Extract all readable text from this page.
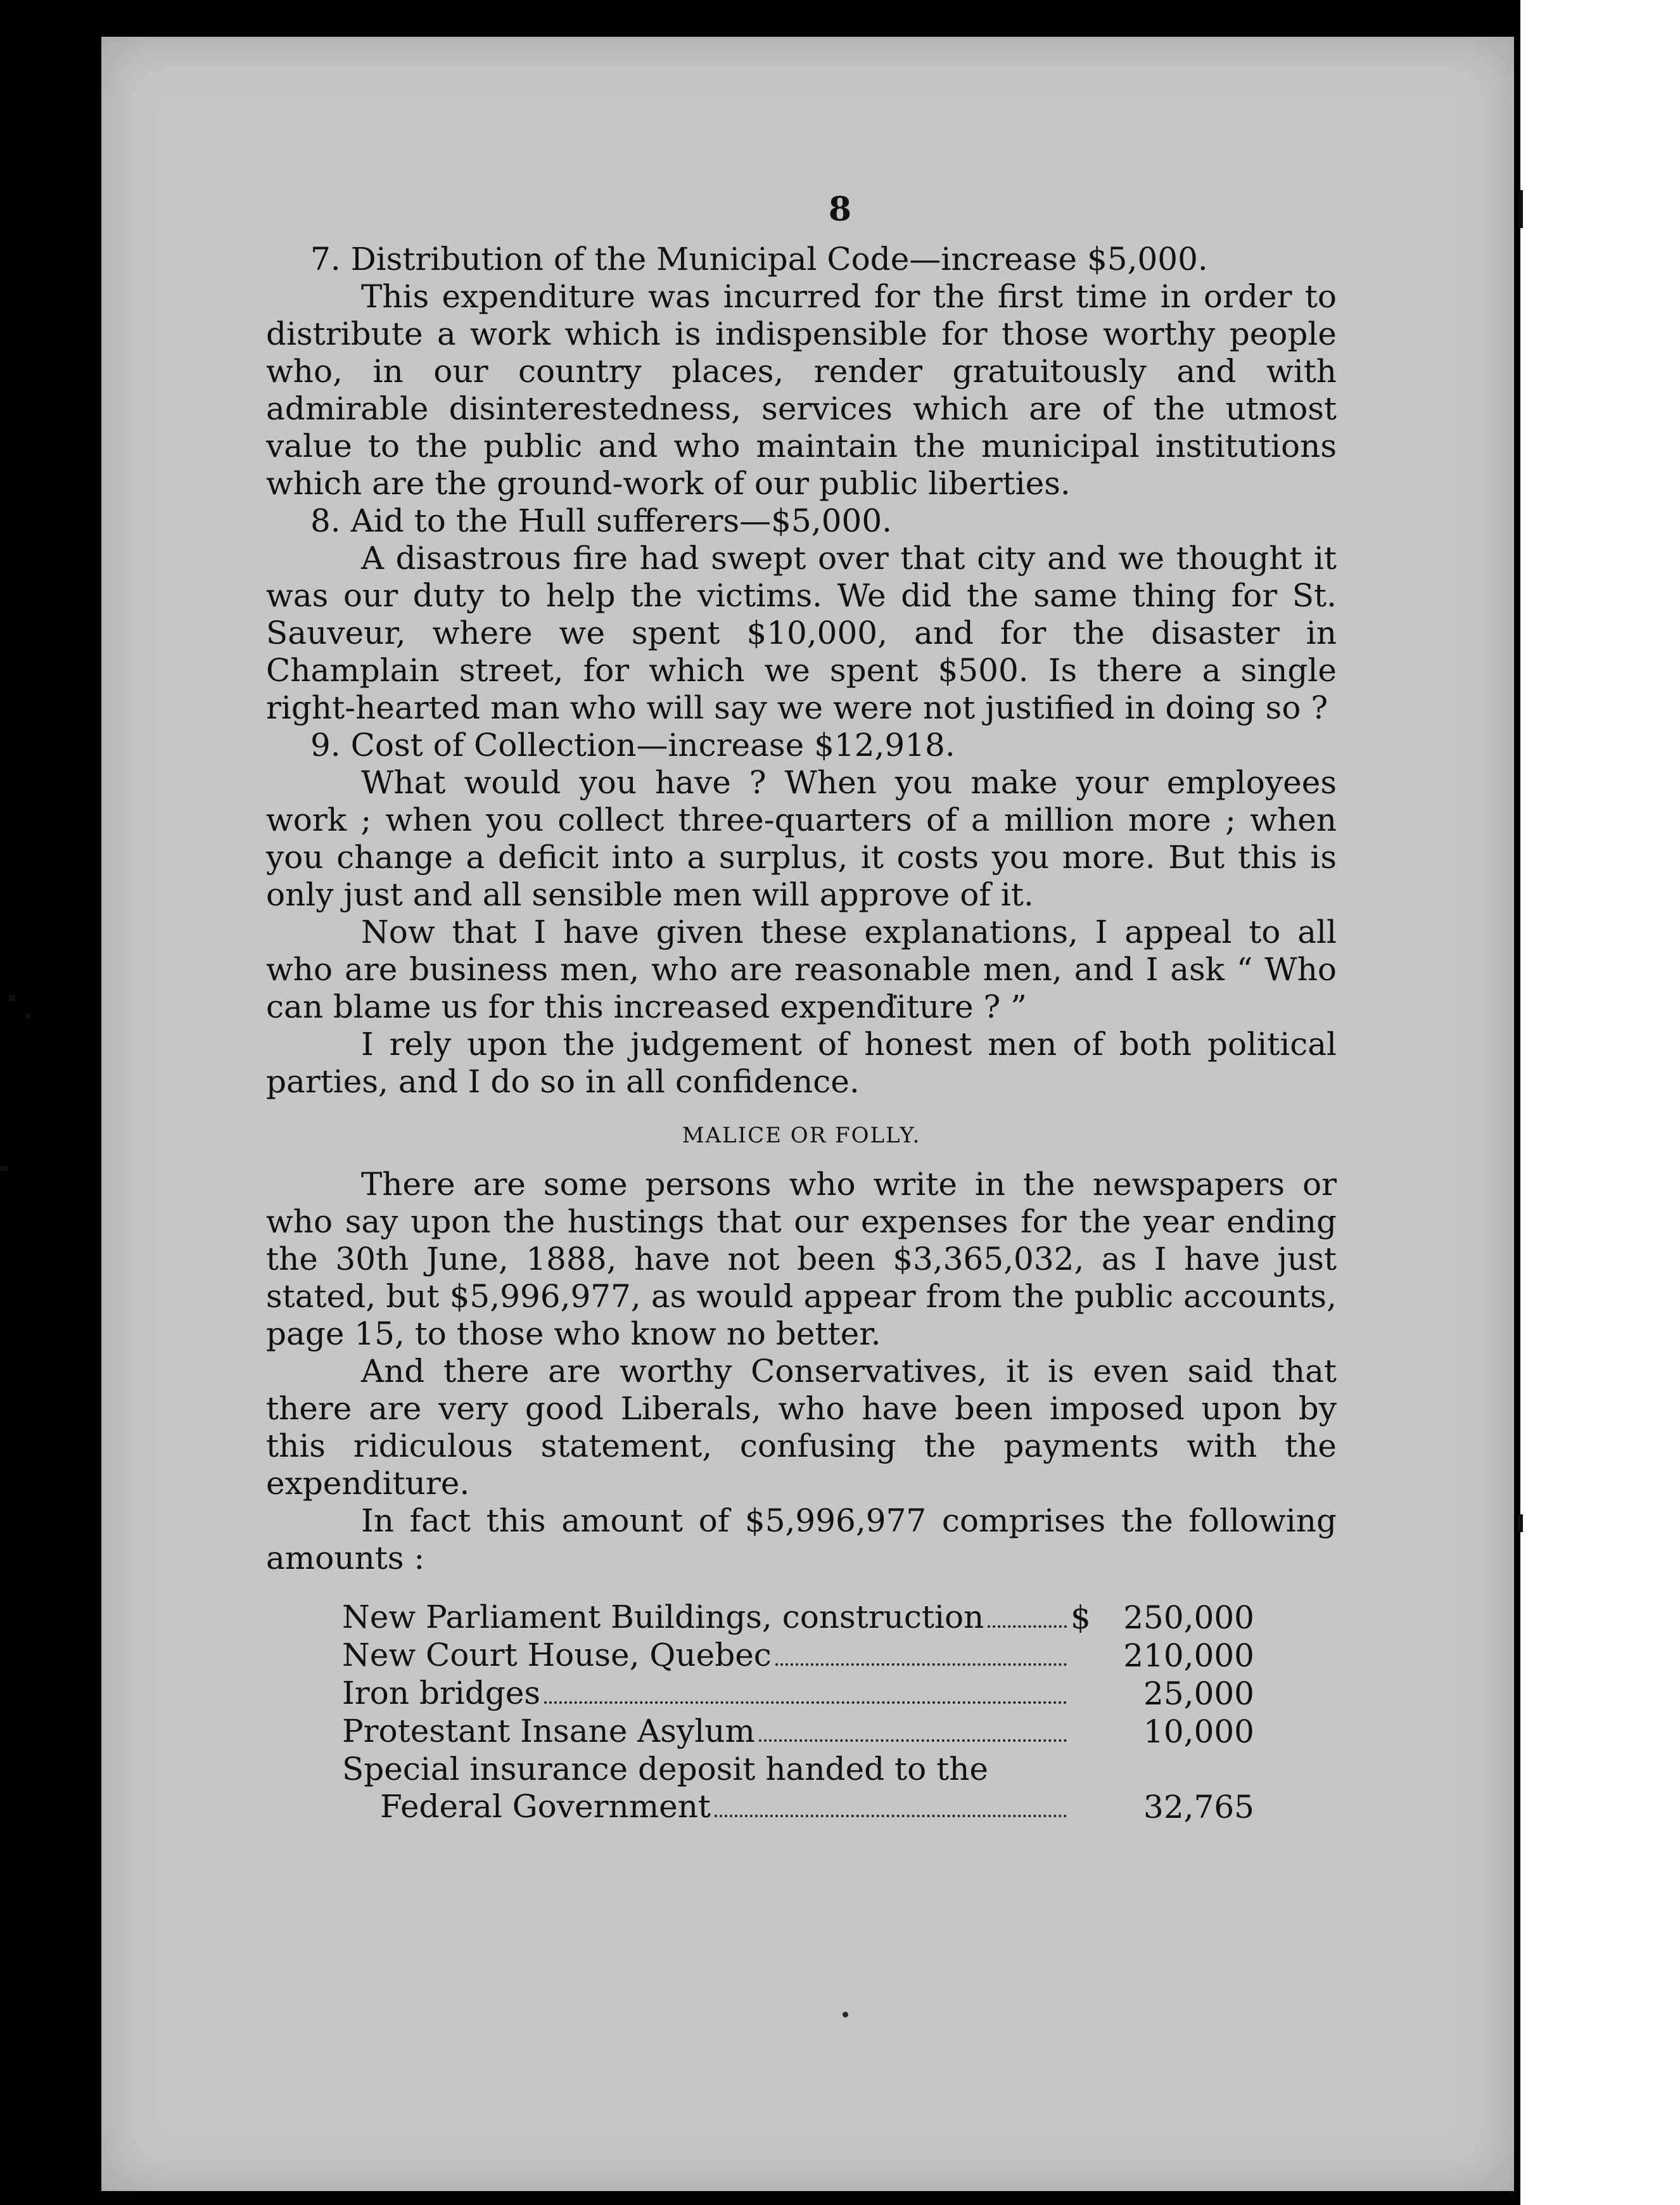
8

7. Distribution of the Municipal Code—increase $5,000.

This expenditure was incurred for the first time in order to distribute a work which is indispensible for those worthy people who, in our country places, render gratuitously and with admirable disinterestedness, services which are of the utmost value to the public and who maintain the municipal institutions which are the ground-work of our public liberties.

8. Aid to the Hull sufferers—$5,000.

A disastrous fire had swept over that city and we thought it was our duty to help the victims. We did the same thing for St. Sauveur, where we spent $10,000, and for the disaster in Champlain street, for which we spent $500. Is there a single right-hearted man who will say we were not justified in doing so ?

9. Cost of Collection—increase $12,918.

What would you have ? When you make your employees work ; when you collect three-quarters of a million more ; when you change a deficit into a surplus, it costs you more. But this is only just and all sensible men will approve of it.

Now that I have given these explanations, I appeal to all who are business men, who are reasonable men, and I ask “ Who can blame us for this increased expenditure ? ”

I rely upon the judgement of honest men of both political parties, and I do so in all confidence.

MALICE OR FOLLY.

There are some persons who write in the newspapers or who say upon the hustings that our expenses for the year ending the 30th June, 1888, have not been $3,365,032, as I have just stated, but $5,996,977, as would appear from the public accounts, page 15, to those who know no better.

And there are worthy Conservatives, it is even said that there are very good Liberals, who have been imposed upon by this ridiculous statement, confusing the payments with the expenditure.

In fact this amount of $5,996,977 comprises the following amounts :

New Parliament Buildings, construction	$	250,000

New Court House, Quebec		210,000

Iron bridges		25,000

Protestant Insane Asylum		10,000

Special insurance deposit handed to the
Federal Government		32,765
